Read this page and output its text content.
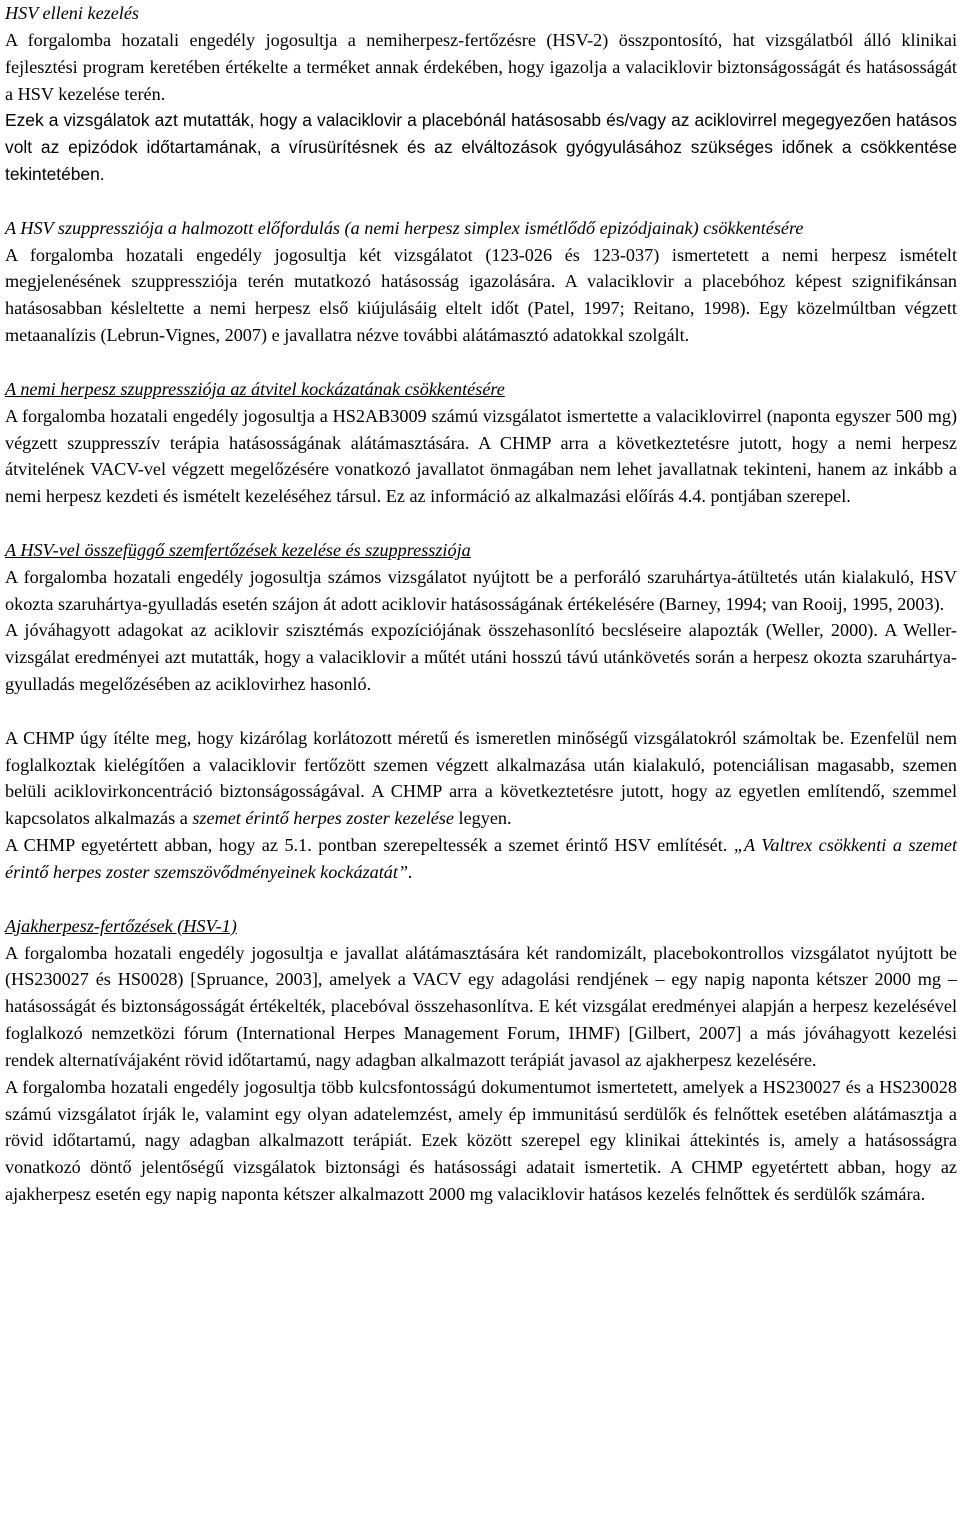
HSV elleni kezelés

A forgalomba hozatali engedély jogosultja a nemiherpesz-fertőzésre (HSV-2) összpontosító, hat vizsgálatból álló klinikai fejlesztési program keretében értékelte a terméket annak érdekében, hogy igazolja a valaciklovir biztonságosságát és hatásosságát a HSV kezelése terén.

Ezek a vizsgálatok azt mutatták, hogy a valaciklovir a placebónál hatásosabb és/vagy az aciklovirrel megegyezően hatásos volt az epizódok időtartamának, a vírusürítésnek és az elváltozások gyógyulásához szükséges időnek a csökkentése tekintetében.

A HSV szuppressziója a halmozott előfordulás (a nemi herpesz simplex ismétlődő epizódjainak) csökkentésére

A forgalomba hozatali engedély jogosultja két vizsgálatot (123-026 és 123-037) ismertetett a nemi herpesz ismételt megjelenésének szuppressziója terén mutatkozó hatásosság igazolására. A valaciklovir a placebóhoz képest szignifikánsan hatásosabban késleltette a nemi herpesz első kiújulásáig eltelt időt (Patel, 1997; Reitano, 1998). Egy közelmúltban végzett metaanalízis (Lebrun-Vignes, 2007) e javallatra nézve további alátámasztó adatokkal szolgált.

A nemi herpesz szuppressziója az átvitel kockázatának csökkentésére

A forgalomba hozatali engedély jogosultja a HS2AB3009 számú vizsgálatot ismertette a valaciklovirrel (naponta egyszer 500 mg) végzett szuppresszív terápia hatásosságának alátámasztására. A CHMP arra a következtetésre jutott, hogy a nemi herpesz átvitelének VACV-vel végzett megelőzésére vonatkozó javallatot önmagában nem lehet javallatnak tekinteni, hanem az inkább a nemi herpesz kezdeti és ismételt kezeléséhez társul. Ez az információ az alkalmazási előírás 4.4. pontjában szerepel.

A HSV-vel összefüggő szemfertőzések kezelése és szuppressziója

A forgalomba hozatali engedély jogosultja számos vizsgálatot nyújtott be a perforáló szaruhártya-átültetés után kialakuló, HSV okozta szaruhártya-gyulladás esetén szájon át adott aciklovir hatásosságának értékelésére (Barney, 1994; van Rooij, 1995, 2003).

A jóváhagyott adagokat az aciklovir szisztémás expozíciójának összehasonlító becsléseire alapozták (Weller, 2000). A Weller-vizsgálat eredményei azt mutatták, hogy a valaciklovir a műtét utáni hosszú távú utánkövetés során a herpesz okozta szaruhártya-gyulladás megelőzésében az aciklovirhez hasonló.

A CHMP úgy ítélte meg, hogy kizárólag korlátozott méretű és ismeretlen minőségű vizsgálatokról számoltak be. Ezenfelül nem foglalkoztak kielégítően a valaciklovir fertőzött szemen végzett alkalmazása után kialakuló, potenciálisan magasabb, szemen belüli aciklovirkoncentráció biztonságosságával. A CHMP arra a következtetésre jutott, hogy az egyetlen említendő, szemmel kapcsolatos alkalmazás a szemet érintő herpes zoster kezelése legyen.

A CHMP egyetértett abban, hogy az 5.1. pontban szerepeltessék a szemet érintő HSV említését. „A Valtrex csökkenti a szemet érintő herpes zoster szemszövődményeinek kockázatát”.

Ajakherpesz-fertőzések (HSV-1)

A forgalomba hozatali engedély jogosultja e javallat alátámasztására két randomizált, placebokontrollos vizsgálatot nyújtott be (HS230027 és HS0028) [Spruance, 2003], amelyek a VACV egy adagolási rendjének – egy napig naponta kétszer 2000 mg – hatásosságát és biztonságosságát értékelték, placebóval összehasonlítva. E két vizsgálat eredményei alapján a herpesz kezelésével foglalkozó nemzetközi fórum (International Herpes Management Forum, IHMF) [Gilbert, 2007] a más jóváhagyott kezelési rendek alternatívájaként rövid időtartamú, nagy adagban alkalmazott terápiát javasol az ajakherpesz kezelésére.

A forgalomba hozatali engedély jogosultja több kulcsfontosságú dokumentumot ismertetett, amelyek a HS230027 és a HS230028 számú vizsgálatot írják le, valamint egy olyan adatelemzést, amely ép immunitású serdülők és felnőttek esetében alátámasztja a rövid időtartamú, nagy adagban alkalmazott terápiát. Ezek között szerepel egy klinikai áttekintés is, amely a hatásosságra vonatkozó döntő jelentőségű vizsgálatok biztonsági és hatásossági adatait ismertetik. A CHMP egyetértett abban, hogy az ajakherpesz esetén egy napig naponta kétszer alkalmazott 2000 mg valaciklovir hatásos kezelés felnőttek és serdülők számára.
